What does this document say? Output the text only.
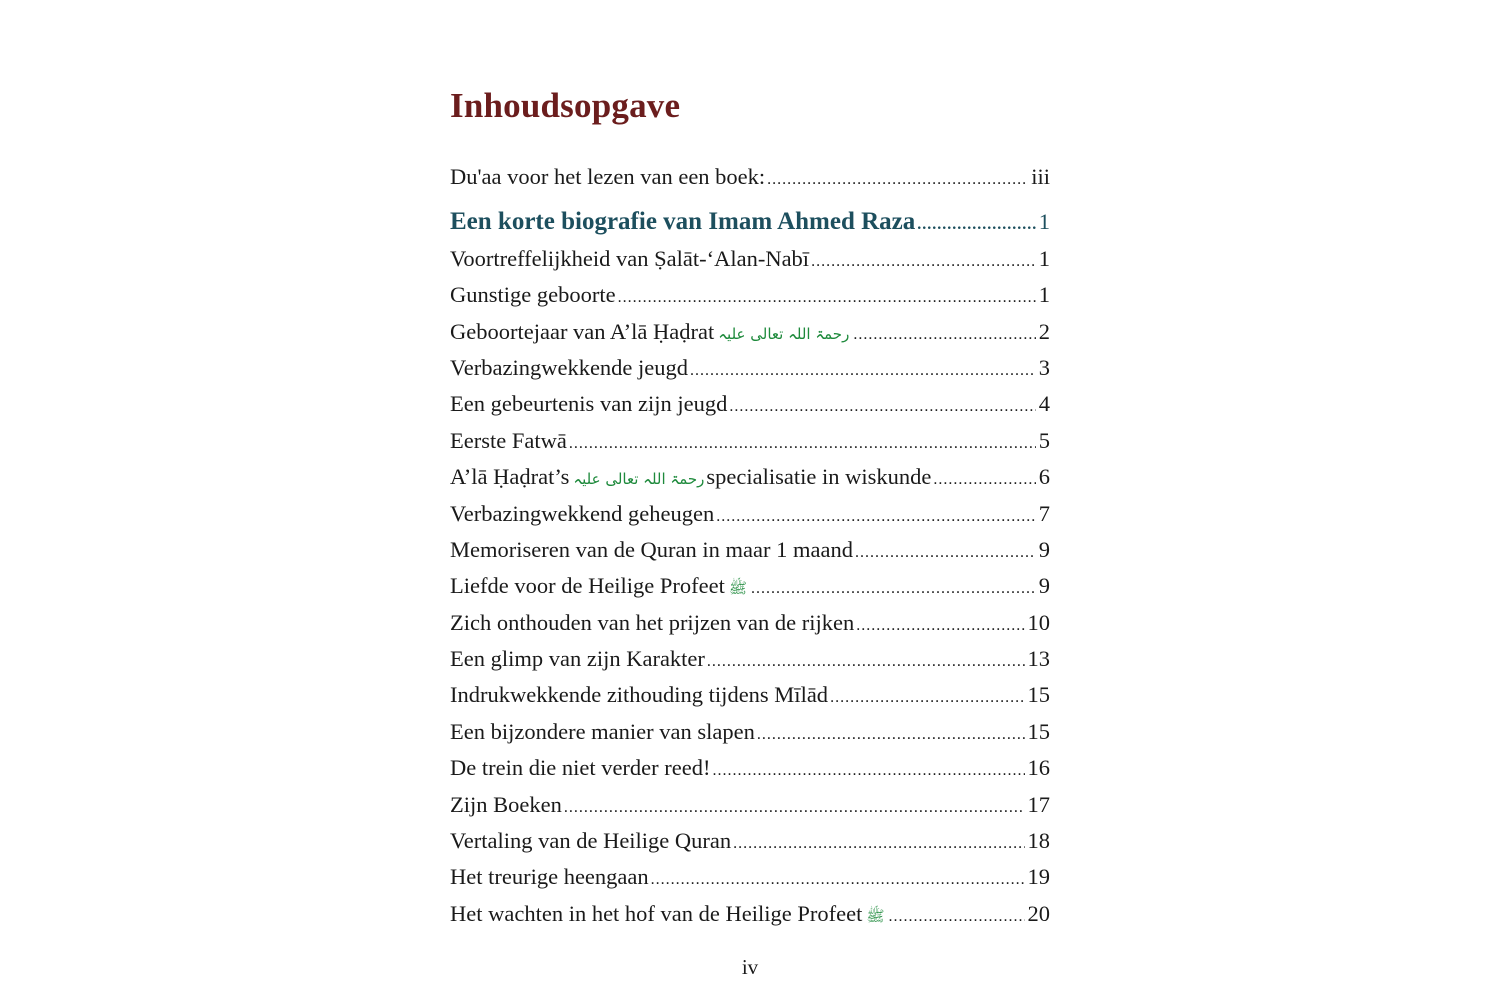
Inhoudsopgave
Du'aa voor het lezen van een boek: .....	iii
Een korte biografie van Imam Ahmed Raza .....	1
Voortreffelijkheid van Ṣalāt-‘Alan-Nabī .....	1
Gunstige geboorte .....	1
Geboortejaar van A’lā Ḥaḍrat رحمۃ اللہ تعالی علیہ .....	2
Verbazingwekkende jeugd .....	3
Een gebeurtenis van zijn jeugd .....	4
Eerste Fatwā .....	5
A’lā Ḥaḍrat’s رحمۃ اللہ تعالی علیہ specialisatie in wiskunde .....	6
Verbazingwekkend geheugen .....	7
Memoriseren van de Quran in maar 1 maand .....	9
Liefde voor de Heilige Profeet ﷺ .....	9
Zich onthouden van het prijzen van de rijken .....	10
Een glimp van zijn Karakter .....	13
Indrukwekkende zithouding tijdens Mīlād .....	15
Een bijzondere manier van slapen .....	15
De trein die niet verder reed! .....	16
Zijn Boeken .....	17
Vertaling van de Heilige Quran .....	18
Het treurige heengaan .....	19
Het wachten in het hof van de Heilige Profeet ﷺ .....	20
iv
